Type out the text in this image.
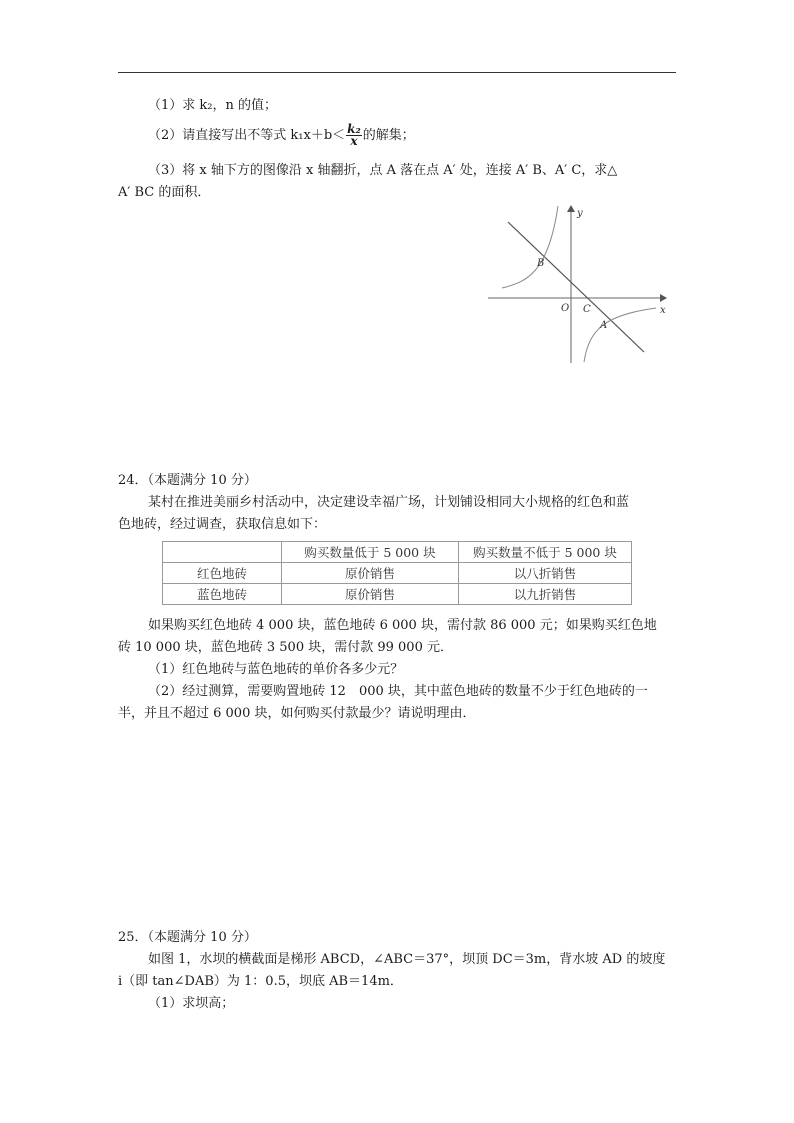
（1）求 k₂，n 的值；
（2）请直接写出不等式 $k_1x+b< \frac{\text{k₂}}{x}$ 的解集；
（3）将 x 轴下方的图像沿 x 轴翻折，点 A 落在点 A′ 处，连接 A′ B、A′ C，求△
A′ BC 的面积．
y
x
O
B
C
A
24．（本题满分 10 分）
某村在推进美丽乡村活动中，决定建设幸福广场，计划铺设相同大小规格的红色和蓝
色地砖，经过调查，获取信息如下：
	购买数量低于 5 000 块	购买数量不低于 5 000 块
红色地砖	原价销售	以八折销售
蓝色地砖	原价销售	以九折销售
如果购买红色地砖 4 000 块，蓝色地砖 6 000 块，需付款 86 000 元；如果购买红色地
砖 10 000 块，蓝色地砖 3 500 块，需付款 99 000 元．
（1）红色地砖与蓝色地砖的单价各多少元？
（2）经过测算，需要购置地砖 12　000 块，其中蓝色地砖的数量不少于红色地砖的一
半，并且不超过 6 000 块，如何购买付款最少？请说明理由．
25．（本题满分 10 分）
如图 1，水坝的横截面是梯形 ABCD，∠ABC＝37°，坝顶 DC＝3m，背水坡 AD 的坡度
i（即 tan∠DAB）为 1：0.5，坝底 AB＝14m．
（1）求坝高；
